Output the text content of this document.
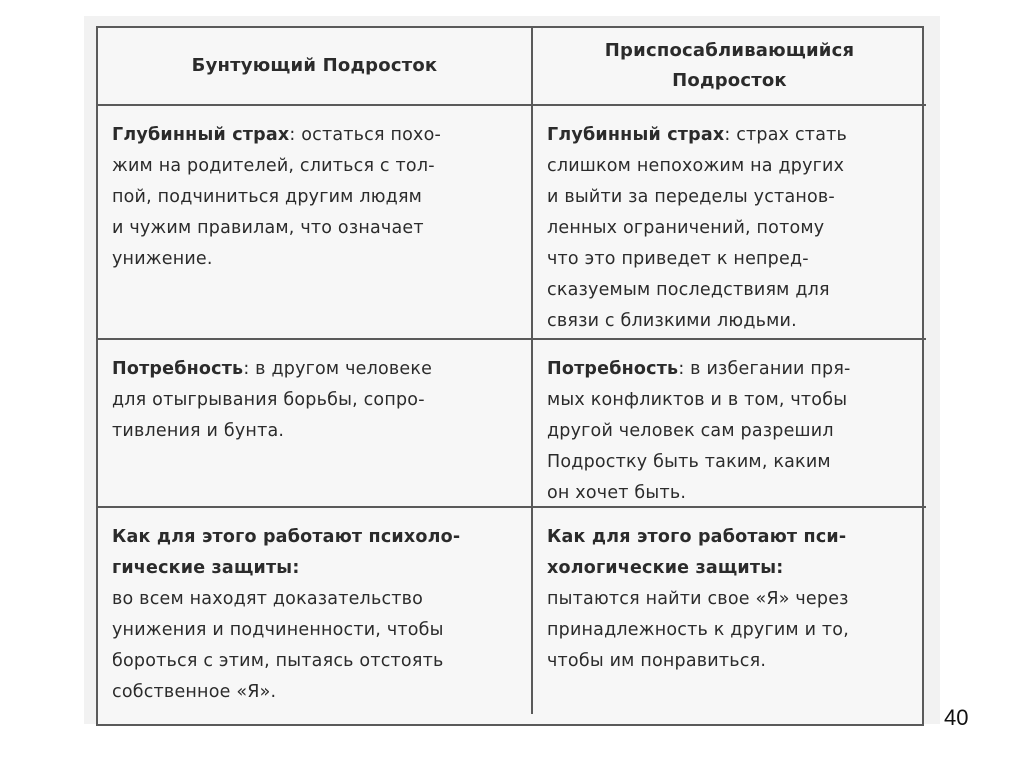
Бунтующий Подросток
Приспосабливающийся
Подросток
Глубинный страх: остаться похо-
жим на родителей, слиться с тол-
пой, подчиниться другим людям
и чужим правилам, что означает
унижение.
Глубинный страх: страх стать
слишком непохожим на других
и выйти за переделы установ-
ленных ограничений, потому
что это приведет к непред-
сказуемым последствиям для
связи с близкими людьми.
Потребность: в другом человеке
для отыгрывания борьбы, сопро-
тивления и бунта.
Потребность: в избегании пря-
мых конфликтов и в том, чтобы
другой человек сам разрешил
Подростку быть таким, каким
он хочет быть.
Как для этого работают психоло-
гические защиты:
во всем находят доказательство
унижения и подчиненности, чтобы
бороться с этим, пытаясь отстоять
собственное «Я».
Как для этого работают пси-
хологические защиты:
пытаются найти свое «Я» через
принадлежность к другим и то,
чтобы им понравиться.
40
